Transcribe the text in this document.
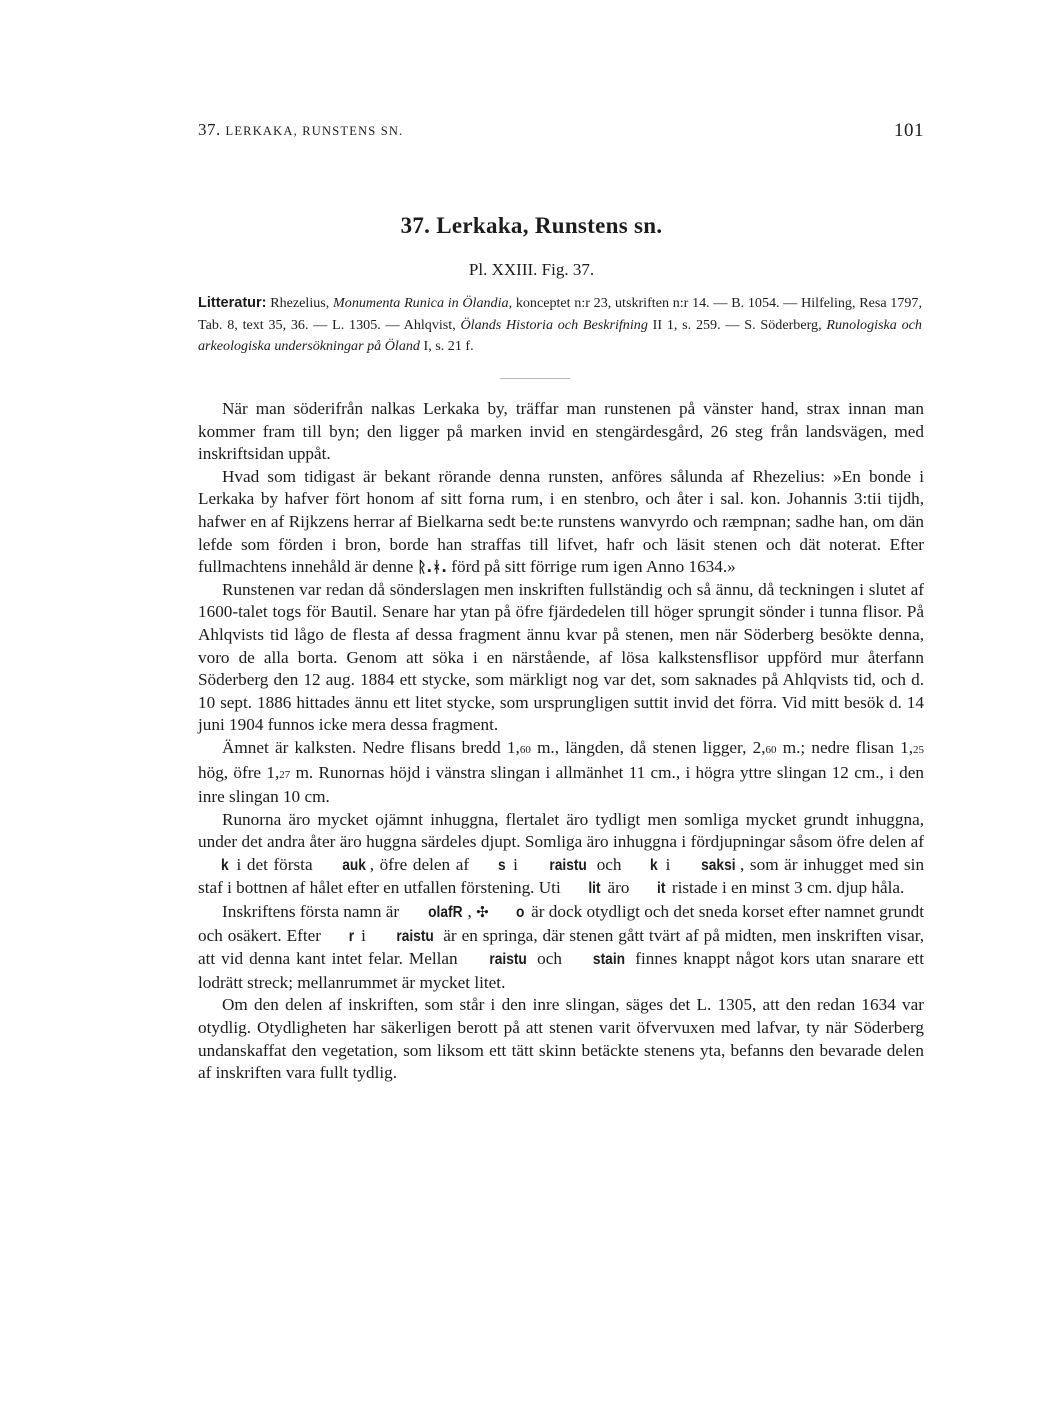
37. LERKAKA, RUNSTENS SN.	101
37. Lerkaka, Runstens sn.
Pl. XXIII. Fig. 37.
Litteratur: Rhezelius, Monumenta Runica in Ölandia, konceptet n:r 23, utskriften n:r 14. — B. 1054. — Hilfeling, Resa 1797, Tab. 8, text 35, 36. — L. 1305. — Ahlqvist, Ölands Historia och Beskrifning II 1, s. 259. — S. Söderberg, Runologiska och arkeologiska undersökningar på Öland I, s. 21 f.

När man söderifrån nalkas Lerkaka by, träffar man runstenen på vänster hand, strax innan man kommer fram till byn; den ligger på marken invid en stengärdesgård, 26 steg från landsvägen, med inskriftsidan uppåt.

Hvad som tidigast är bekant rörande denna runsten, anföres sålunda af Rhezelius: »En bonde i Lerkaka by hafver fört honom af sitt forna rum, i en stenbro, och åter i sal. kon. Johannis 3:tii tijdh, hafwer en af Rijkzens herrar af Bielkarna sedt be:te runstens wanvyrdo och ræmpnan; sadhe han, om dän lefde som förden i bron, borde han straffas till lifvet, hafr och läsit stenen och dät noterat. Efter fullmachtens innehåld är denne ᚱ.ᚼ. förd på sitt förrige rum igen Anno 1634.»

Runstenen var redan då sönderslagen men inskriften fullständig och så ännu, då teckningen i slutet af 1600-talet togs för Bautil. Senare har ytan på öfre fjärdedelen till höger sprungit sönder i tunna flisor. På Ahlqvists tid lågo de flesta af dessa fragment ännu kvar på stenen, men när Söderberg besökte denna, voro de alla borta. Genom att söka i en närstående, af lösa kalkstensflisor uppförd mur återfann Söderberg den 12 aug. 1884 ett stycke, som märkligt nog var det, som saknades på Ahlqvists tid, och d. 10 sept. 1886 hittades ännu ett litet stycke, som ursprungligen suttit invid det förra. Vid mitt besök d. 14 juni 1904 funnos icke mera dessa fragment.

Ämnet är kalksten. Nedre flisans bredd 1,60 m., längden, då stenen ligger, 2,60 m.; nedre flisan 1,25 hög, öfre 1,27 m. Runornas höjd i vänstra slingan i allmänhet 11 cm., i högra yttre slingan 12 cm., i den inre slingan 10 cm.

Runorna äro mycket ojämnt inhuggna, flertalet äro tydligt men somliga mycket grundt inhuggna, under det andra åter äro huggna särdeles djupt. Somliga äro inhuggna i fördjupningar såsom öfre delen af k i det första auk , öfre delen af s i raistu och k i saksi , som är inhugget med sin staf i bottnen af hålet efter en utfallen förstening. Uti lit äro it ristade i en minst 3 cm. djup håla.

Inskriftens första namn är olafR , ✣ o är dock otydligt och det sneda korset efter namnet grundt och osäkert. Efter r i raistu är en springa, där stenen gått tvärt af på midten, men inskriften visar, att vid denna kant intet felar. Mellan raistu och stain finnes knappt något kors utan snarare ett lodrätt streck; mellanrummet är mycket litet.

Om den delen af inskriften, som står i den inre slingan, säges det L. 1305, att den redan 1634 var otydlig. Otydligheten har säkerligen berott på att stenen varit öfvervuxen med lafvar, ty när Söderberg undanskaffat den vegetation, som liksom ett tätt skinn betäckte stenens yta, befanns den bevarade delen af inskriften vara fullt tydlig.
